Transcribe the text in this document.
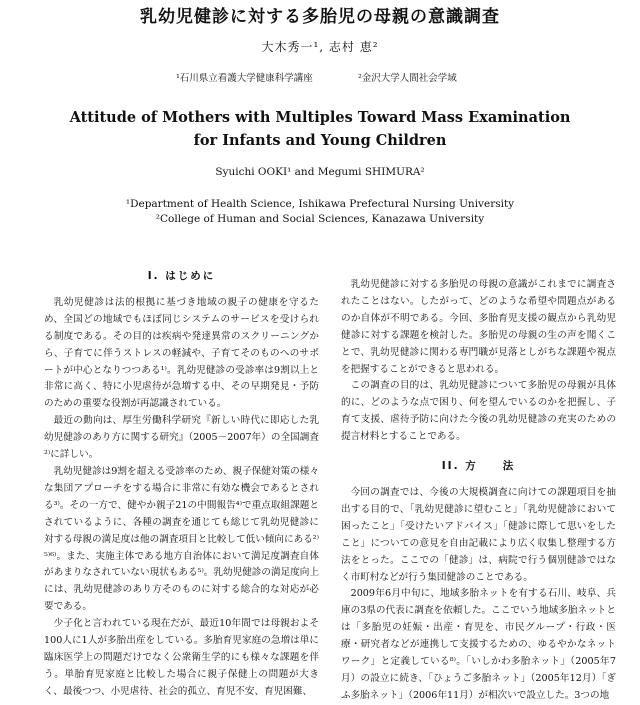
乳幼児健診に対する多胎児の母親の意識調査
大木秀一¹, 志村 恵²
¹石川県立看護大学健康科学講座	²金沢大学人間社会学域
Attitude of Mothers with Multiples Toward Mass Examination
for Infants and Young Children
Syuichi OOKI¹ and Megumi SHIMURA²
¹Department of Health Science, Ishikawa Prefectural Nursing University
²College of Human and Social Sciences, Kanazawa University

I. はじめに

乳幼児健診は法的根拠に基づき地域の親子の健康を守るため、全国どの地域でもほぼ同じシステムのサービスを受けられる制度である。その目的は疾病や発達異常のスクリーニングから、子育てに伴うストレスの軽減や、子育てそのものへのサポートが中心となりつつある¹⁾。乳幼児健診の受診率は9割以上と非常に高く、特に小児虐待が急増する中、その早期発見・予防のための重要な役割が再認識されている。

最近の動向は、厚生労働科学研究『新しい時代に即応した乳幼児健診のあり方に関する研究』（2005－2007年）の全国調査²⁾に詳しい。

乳幼児健診は9割を超える受診率のため、親子保健対策の様々な集団アプローチをする場合に非常に有効な機会であるとされる³⁾。その一方で、健やか親子21の中間報告⁴⁾で重点取組課題とされているように、各種の調査を通じても総じて乳幼児健診に対する母親の満足度は他の調査項目と比較して低い傾向にある²⁾⁵⁾⁶⁾。また、実施主体である地方自治体において満足度調査自体があまりなされていない現状もある⁵⁾。乳幼児健診の満足度向上には、乳幼児健診のあり方そのものに対する総合的な対応が必要である。

少子化と言われている現在だが、最近10年間では母親およそ100人に1人が多胎出産をしている。多胎育児家庭の急増は単に臨床医学上の問題だけでなく公衆衛生学的にも様々な課題を伴う。単胎育児家庭と比較した場合に親子保健上の問題が大きく、最後つつ、小児虐待、社会的孤立、育児不安、育児困難、

乳幼児健診に対する多胎児の母親の意識がこれまでに調査されたことはない。したがって、どのような希望や問題点があるのか自体が不明である。今回、多胎育児支援の観点から乳幼児健診に対する課題を検討した。多胎児の母親の生の声を聞くことで、乳幼児健診に関わる専門職が見落としがちな課題や視点を把握することができると思われる。

この調査の目的は、乳幼児健診について多胎児の母親が具体的に、どのような点で困り、何を望んでいるのかを把握し、子育て支援、虐待予防に向けた今後の乳幼児健診の充実のための提言材料とすることである。

II. 方　　法

今回の調査では、今後の大規模調査に向けての課題項目を抽出する目的で、「乳幼児健診に望むこと」「乳幼児健診において困ったこと」「受けたいアドバイス」「健診に際して思いをしたこと」についての意見を自由記載により広く収集し整理する方法をとった。ここでの「健診」は、病院で行う個別健診ではなく市町村などが行う集団健診のことである。

2009年6月中旬に、地域多胎ネットを有する石川、岐阜、兵庫の3県の代表に調査を依頼した。ここでいう地域多胎ネットとは「多胎児の妊娠・出産・育児を、市民グループ・行政・医療・研究者などが連携して支援するための、ゆるやかなネットワーク」と定義している⁸⁾。「いしかわ多胎ネット」（2005年7月）の設立に続き、「ひょうご多胎ネット」（2005年12月）「ぎふ多胎ネット」（2006年11月）が相次いで設立した。3つの地
